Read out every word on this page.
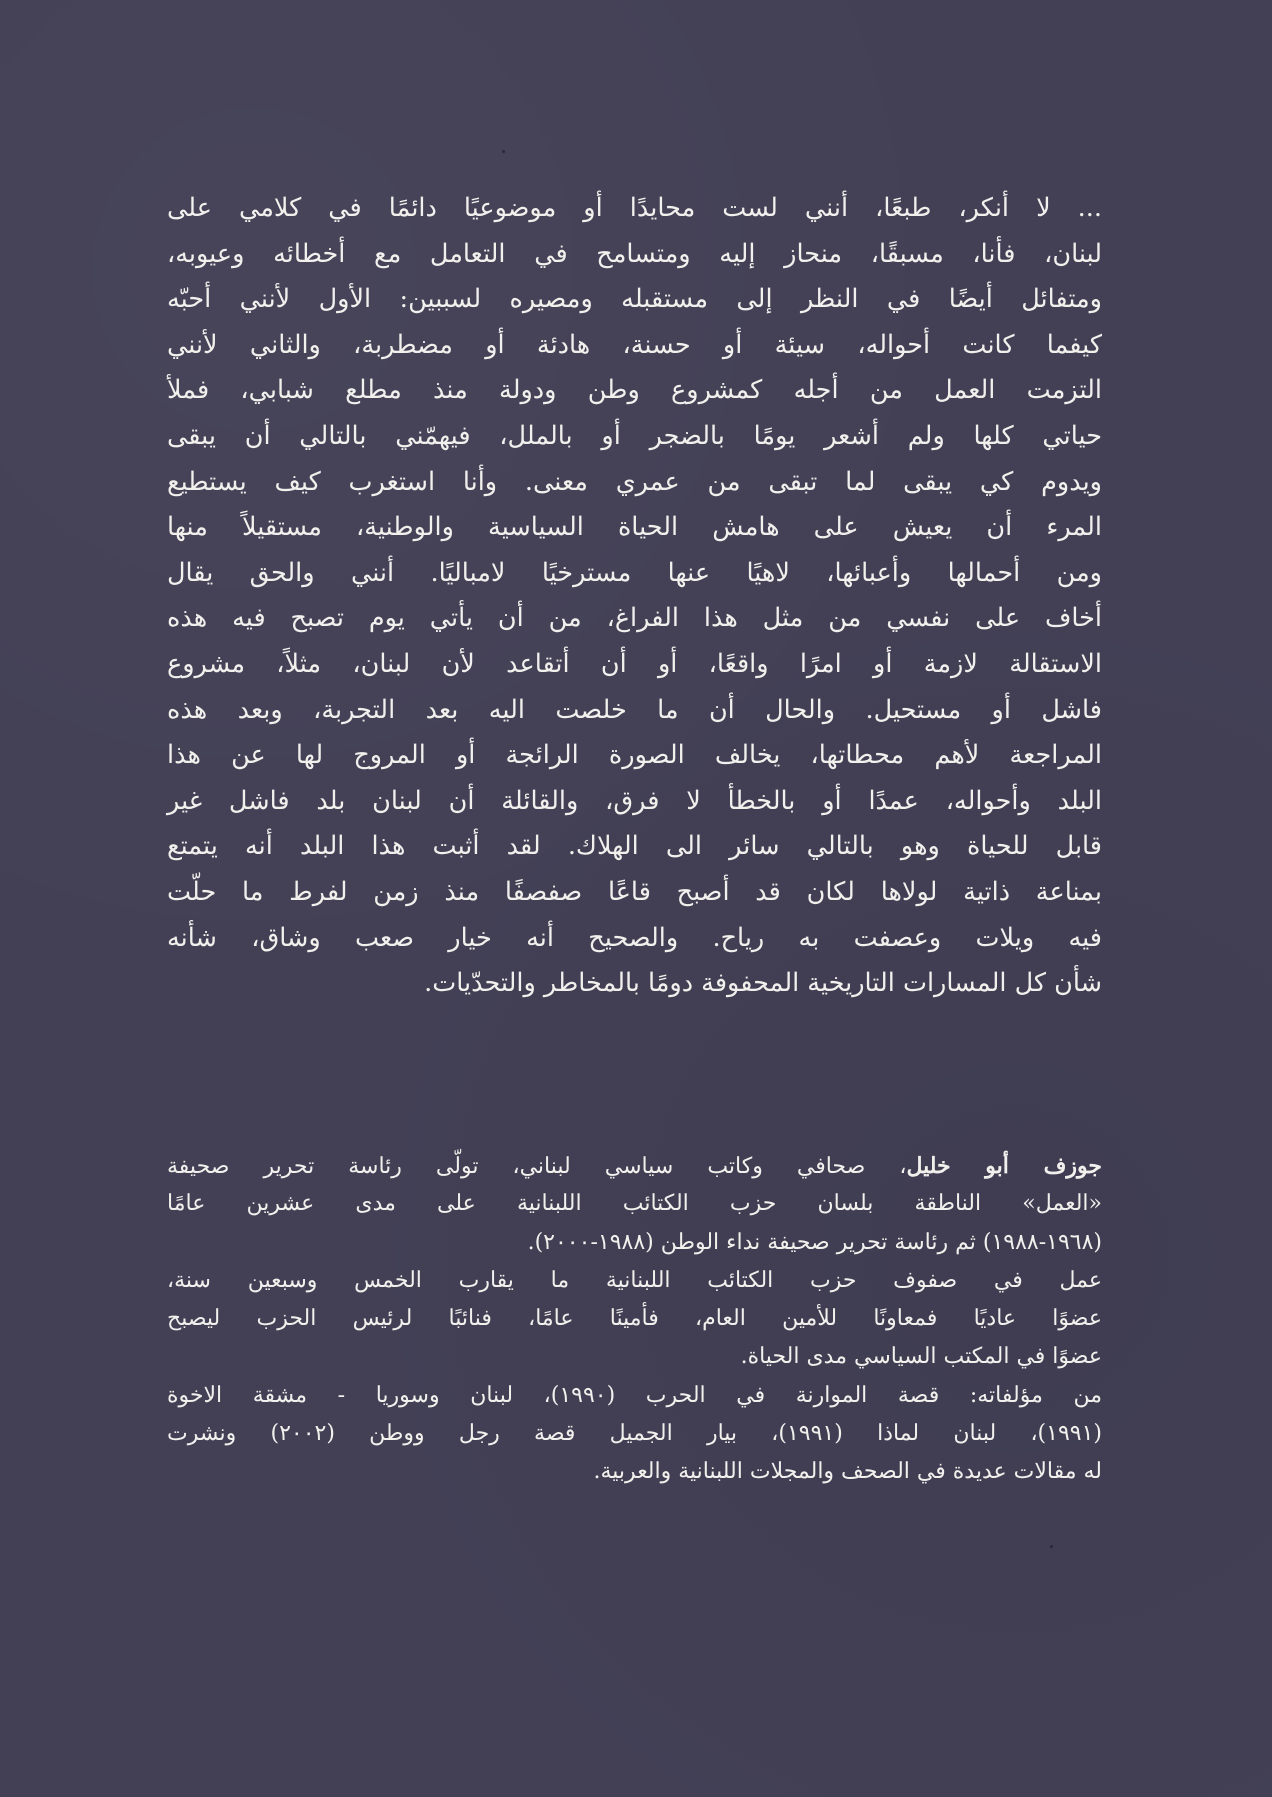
... لا أنكر، طبعًا، أنني لست محايدًا أو موضوعيًا دائمًا في كلامي على
لبنان، فأنا، مسبقًا، منحاز إليه ومتسامح في التعامل مع أخطائه وعيوبه،
ومتفائل أيضًا في النظر إلى مستقبله ومصيره لسببين: الأول لأنني أحبّه
كيفما كانت أحواله، سيئة أو حسنة، هادئة أو مضطربة، والثاني لأنني
التزمت العمل من أجله كمشروع وطن ودولة منذ مطلع شبابي، فملأ
حياتي كلها ولم أشعر يومًا بالضجر أو بالملل، فيهمّني بالتالي أن يبقى
ويدوم كي يبقى لما تبقى من عمري معنى. وأنا استغرب كيف يستطيع
المرء أن يعيش على هامش الحياة السياسية والوطنية، مستقيلاً منها
ومن أحمالها وأعبائها، لاهيًا عنها مسترخيًا لامباليًا. أنني والحق يقال
أخاف على نفسي من مثل هذا الفراغ، من أن يأتي يوم تصبح فيه هذه
الاستقالة لازمة أو امرًا واقعًا، أو أن أتقاعد لأن لبنان، مثلاً، مشروع
فاشل أو مستحيل. والحال أن ما خلصت اليه بعد التجربة، وبعد هذه
المراجعة لأهم محطاتها، يخالف الصورة الرائجة أو المروج لها عن هذا
البلد وأحواله، عمدًا أو بالخطأ لا فرق، والقائلة أن لبنان بلد فاشل غير
قابل للحياة وهو بالتالي سائر الى الهلاك. لقد أثبت هذا البلد أنه يتمتع
بمناعة ذاتية لولاها لكان قد أصبح قاعًا صفصفًا منذ زمن لفرط ما حلّت
فيه ويلات وعصفت به رياح. والصحيح أنه خيار صعب وشاق، شأنه
شأن كل المسارات التاريخية المحفوفة دومًا بالمخاطر والتحدّيات.
جوزف أبو خليل، صحافي وكاتب سياسي لبناني، تولّى رئاسة تحرير صحيفة
«العمل» الناطقة بلسان حزب الكتائب اللبنانية على مدى عشرين عامًا
(١٩٦٨-١٩٨٨) ثم رئاسة تحرير صحيفة نداء الوطن (١٩٨٨-٢٠٠٠).
عمل في صفوف حزب الكتائب اللبنانية ما يقارب الخمس وسبعين سنة،
عضوًا عاديًا فمعاونًا للأمين العام، فأمينًا عامًا، فنائبًا لرئيس الحزب ليصبح
عضوًا في المكتب السياسي مدى الحياة.
من مؤلفاته: قصة الموارنة في الحرب (١٩٩٠)، لبنان وسوريا - مشقة الاخوة
(١٩٩١)، لبنان لماذا (١٩٩١)، بيار الجميل قصة رجل ووطن (٢٠٠٢) ونشرت
له مقالات عديدة في الصحف والمجلات اللبنانية والعربية.
